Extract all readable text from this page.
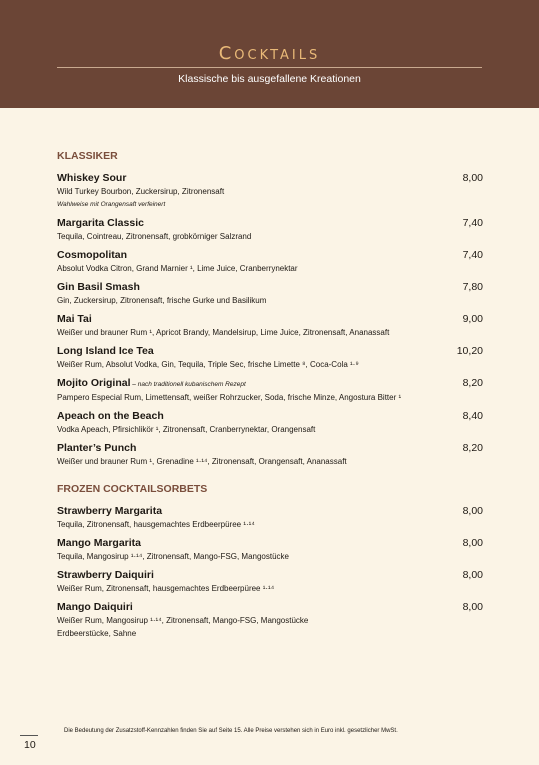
Cocktails
Klassische bis ausgefallene Kreationen
KLASSIKER
Whiskey Sour	8,00
Wild Turkey Bourbon, Zuckersirup, Zitronensaft
Wahlweise mit Orangensaft verfeinert
Margarita Classic	7,40
Tequila, Cointreau, Zitronensaft, grobkörniger Salzrand
Cosmopolitan	7,40
Absolut Vodka Citron, Grand Marnier ¹, Lime Juice, Cranberrynektar
Gin Basil Smash	7,80
Gin, Zuckersirup, Zitronensaft, frische Gurke und Basilikum
Mai Tai	9,00
Weißer und brauner Rum ¹, Apricot Brandy, Mandelsirup, Lime Juice, Zitronensaft, Ananassaft
Long Island Ice Tea	10,20
Weißer Rum, Absolut Vodka, Gin, Tequila, Triple Sec, frische Limette ⁸, Coca-Cola ¹·⁹
Mojito Original – nach traditionell kubanischem Rezept	8,20
Pampero Especial Rum, Limettensaft, weißer Rohrzucker, Soda, frische Minze, Angostura Bitter ¹
Apeach on the Beach	8,40
Vodka Apeach, Pfirsichlikör ¹, Zitronensaft, Cranberrynektar, Orangensaft
Planter’s Punch	8,20
Weißer und brauner Rum ¹, Grenadine ¹·¹⁴, Zitronensaft, Orangensaft, Ananassaft
FROZEN COCKTAILSORBETS
Strawberry Margarita	8,00
Tequila, Zitronensaft, hausgemachtes Erdbeerpüree ¹·¹⁴
Mango Margarita	8,00
Tequila, Mangosirup ¹·¹⁴, Zitronensaft, Mango-FSG, Mangostücke
Strawberry Daiquiri	8,00
Weißer Rum, Zitronensaft, hausgemachtes Erdbeerpüree ¹·¹⁴
Mango Daiquiri	8,00
Weißer Rum, Mangosirup ¹·¹⁴, Zitronensaft, Mango-FSG, Mangostücke
Erdbeerstücke, Sahne
Die Bedeutung der Zusatzstoff-Kennzahlen finden Sie auf Seite 15. Alle Preise verstehen sich in Euro inkl. gesetzlicher MwSt.
10
